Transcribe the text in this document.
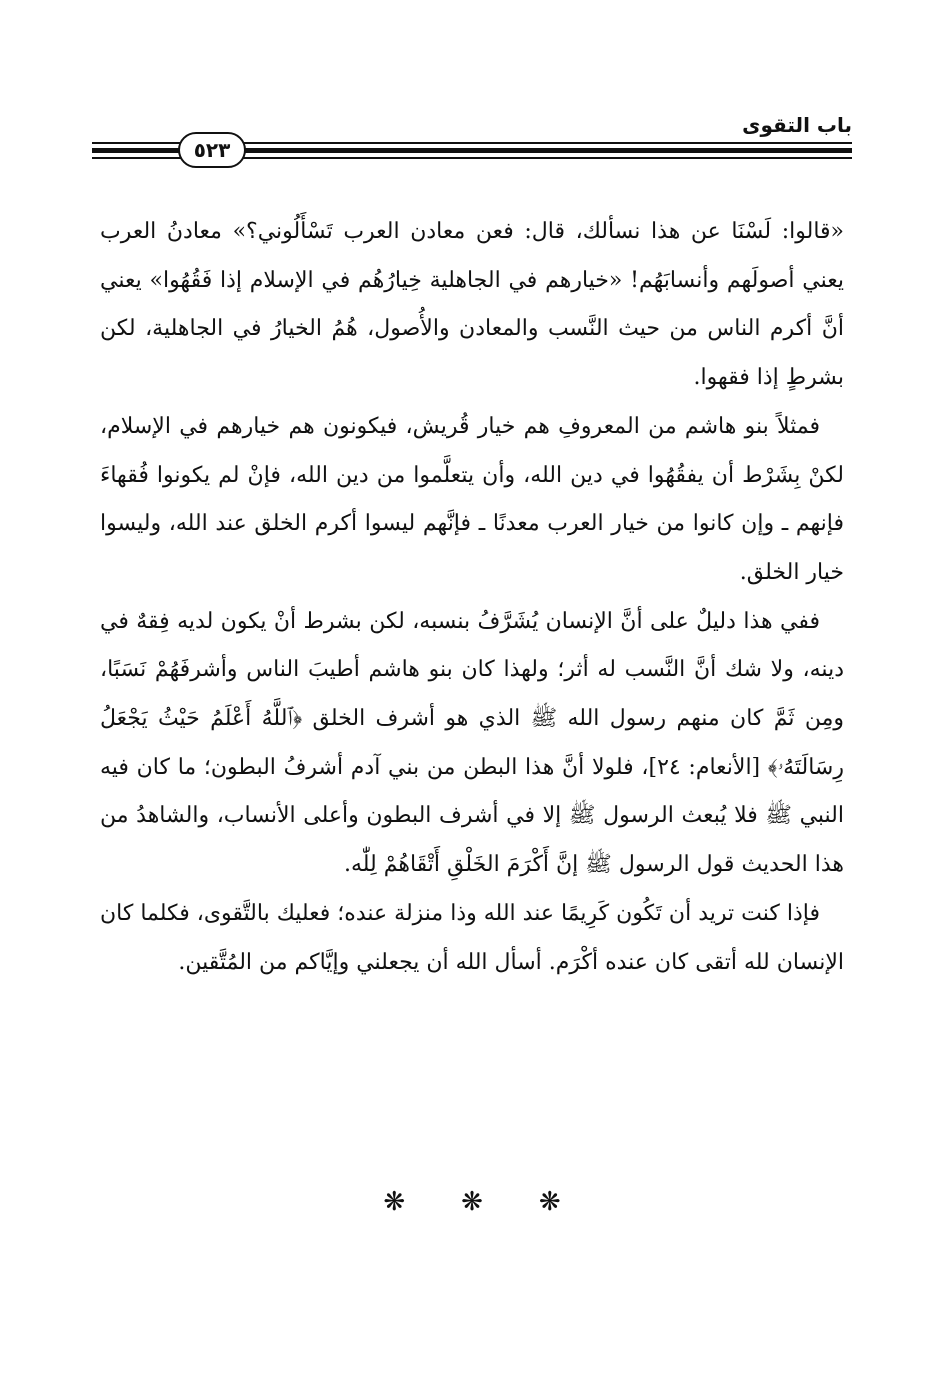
باب التقوى
٥٢٣

«قالوا: لَسْنَا عن هذا نسألك، قال: فعن معادن العرب تَسْأَلُوني؟» معادنُ العرب يعني أصولَهم وأنسابَهُم! «خيارهم في الجاهلية خِيارُهُم في الإسلام إذا فَقُهُوا» يعني أنَّ أكرم الناس من حيث النَّسب والمعادن والأُصول، هُمُ الخيارُ في الجاهلية، لكن بشرطٍ إذا فقهوا.

فمثلاً بنو هاشم من المعروفِ هم خيار قُريش، فيكونون هم خيارهم في الإسلام، لكنْ بِشَرْط أن يفقُهُوا في دين الله، وأن يتعلَّموا من دين الله، فإنْ لم يكونوا فُقهاءَ فإنهم ـ وإن كانوا من خيار العرب معدنًا ـ فإنَّهم ليسوا أكرم الخلق عند الله، وليسوا خيار الخلق.

ففي هذا دليلٌ على أنَّ الإنسان يُشَرَّفُ بنسبه، لكن بشرط أنْ يكون لديه فِقهٌ في دينه، ولا شك أنَّ النَّسب له أثر؛ ولهذا كان بنو هاشم أطيبَ الناس وأشرفَهُمْ نَسَبًا، ومِن ثَمَّ كان منهم رسول الله ﷺ الذي هو أشرف الخلق ﴿ٱللَّهُ أَعْلَمُ حَيْثُ يَجْعَلُ رِسَالَتَهُۥ﴾ [الأنعام: ٢٤]، فلولا أنَّ هذا البطن من بني آدم أشرفُ البطون؛ ما كان فيه النبي ﷺ فلا يُبعث الرسول ﷺ إلا في أشرف البطون وأعلى الأنساب، والشاهدُ من هذا الحديث قول الرسول ﷺ إنَّ أَكْرَمَ الخَلْقِ أَتْقَاهُمْ لِلّٰه.

فإذا كنت تريد أن تَكُون كَرِيمًا عند الله وذا منزلة عنده؛ فعليك بالتَّقوى، فكلما كان الإنسان لله أتقى كان عنده أكْرَم. أسأل الله أن يجعلني وإيَّاكم من المُتَّقين.

❋
❋
❋
